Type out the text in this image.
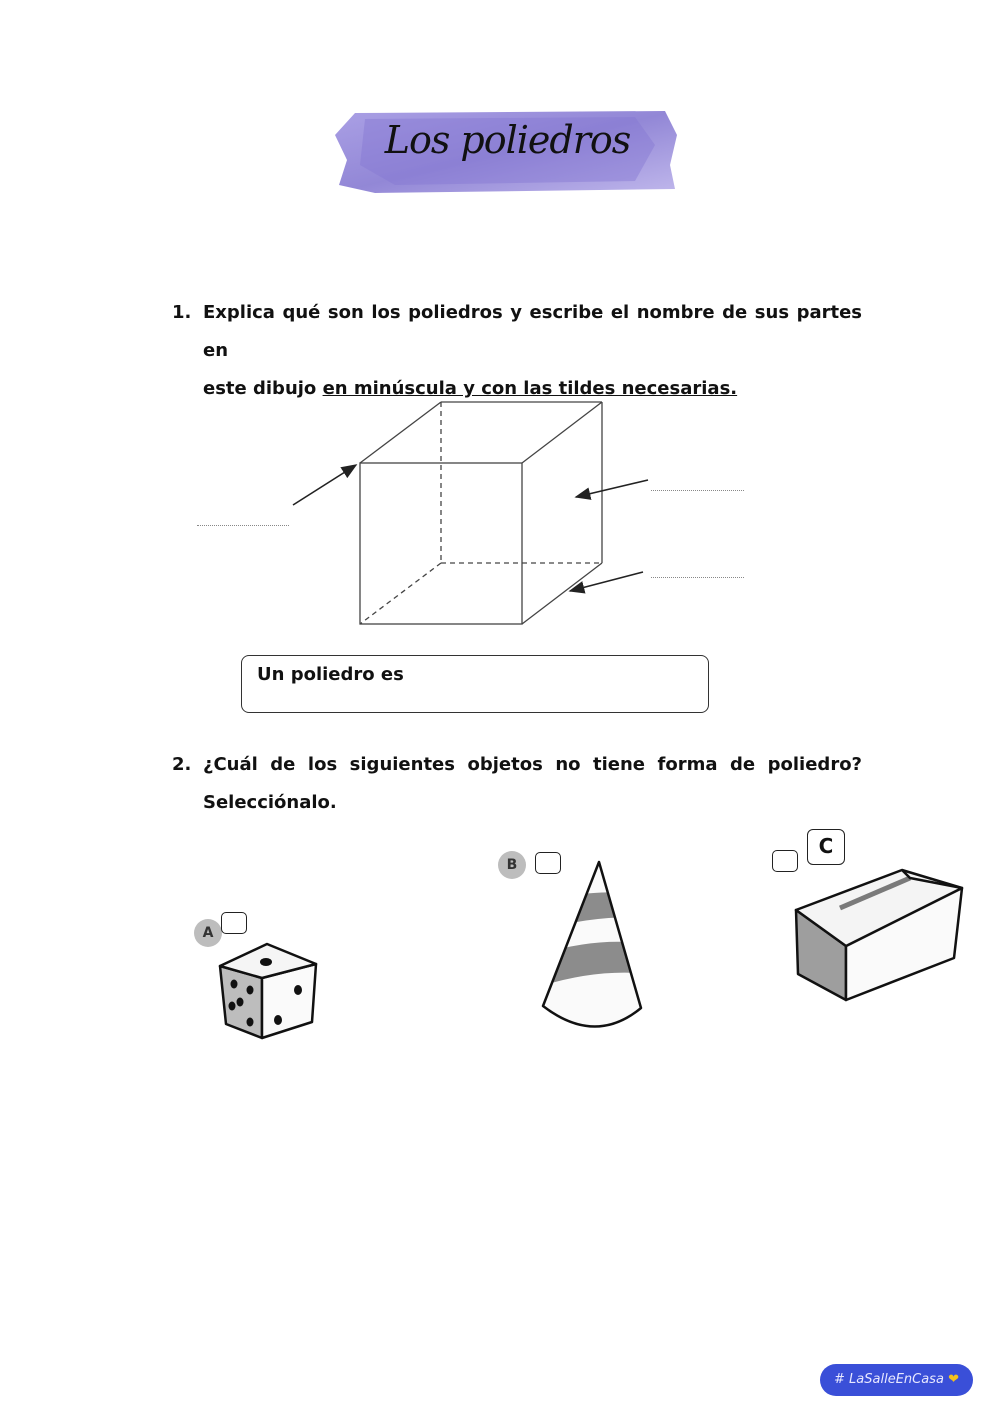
Los poliedros
1. Explica qué son los poliedros y escribe el nombre de sus partes en
este dibujo en minúscula y con las tildes necesarias.
Un poliedro es
2. ¿Cuál de los siguientes objetos no tiene forma de poliedro?
Selecciónalo.
A
B
C
# LaSalleEnCasa ❤
